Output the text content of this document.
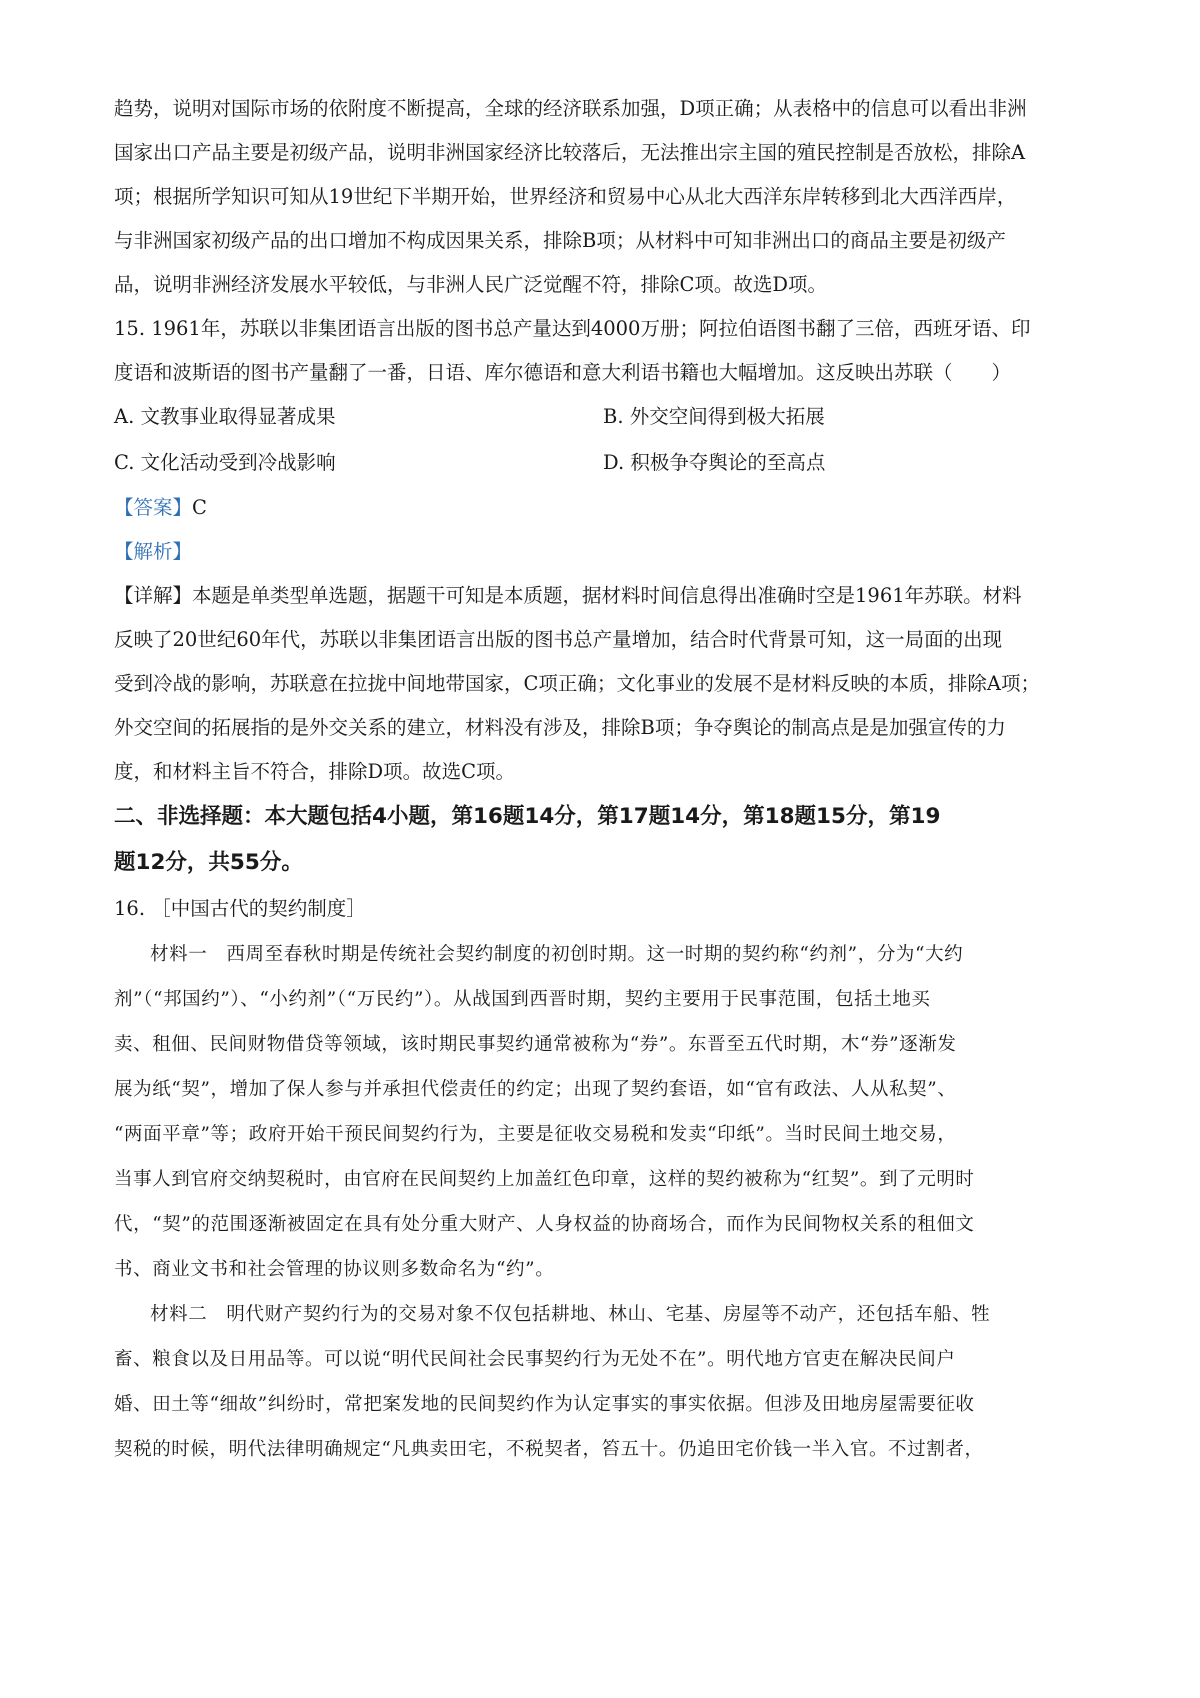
趋势，说明对国际市场的依附度不断提高，全球的经济联系加强，D项正确；从表格中的信息可以看出非洲
国家出口产品主要是初级产品，说明非洲国家经济比较落后，无法推出宗主国的殖民控制是否放松，排除A
项；根据所学知识可知从19世纪下半期开始，世界经济和贸易中心从北大西洋东岸转移到北大西洋西岸，
与非洲国家初级产品的出口增加不构成因果关系，排除B项；从材料中可知非洲出口的商品主要是初级产
品，说明非洲经济发展水平较低，与非洲人民广泛觉醒不符，排除C项。故选D项。
15. 1961年，苏联以非集团语言出版的图书总产量达到4000万册；阿拉伯语图书翻了三倍，西班牙语、印
度语和波斯语的图书产量翻了一番，日语、库尔德语和意大利语书籍也大幅增加。这反映出苏联（　　）
A. 文教事业取得显著成果	B. 外交空间得到极大拓展
C. 文化活动受到冷战影响	D. 积极争夺舆论的至高点
【答案】C
【解析】
【详解】本题是单类型单选题，据题干可知是本质题，据材料时间信息得出准确时空是1961年苏联。材料
反映了20世纪60年代，苏联以非集团语言出版的图书总产量增加，结合时代背景可知，这一局面的出现
受到冷战的影响，苏联意在拉拢中间地带国家，C项正确；文化事业的发展不是材料反映的本质，排除A项；
外交空间的拓展指的是外交关系的建立，材料没有涉及，排除B项；争夺舆论的制高点是是加强宣传的力
度，和材料主旨不符合，排除D项。故选C项。
二、非选择题：本大题包括4小题，第16题14分，第17题14分，第18题15分，第19
题12分，共55分。
16. ［中国古代的契约制度］
材料一　西周至春秋时期是传统社会契约制度的初创时期。这一时期的契约称“约剂”，分为“大约
剂”（“邦国约”）、“小约剂”（“万民约”）。从战国到西晋时期，契约主要用于民事范围，包括土地买
卖、租佃、民间财物借贷等领域，该时期民事契约通常被称为“券”。东晋至五代时期，木“券”逐渐发
展为纸“契”，增加了保人参与并承担代偿责任的约定；出现了契约套语，如“官有政法、人从私契”、
“两面平章”等；政府开始干预民间契约行为，主要是征收交易税和发卖“印纸”。当时民间土地交易，
当事人到官府交纳契税时，由官府在民间契约上加盖红色印章，这样的契约被称为“红契”。到了元明时
代，“契”的范围逐渐被固定在具有处分重大财产、人身权益的协商场合，而作为民间物权关系的租佃文
书、商业文书和社会管理的协议则多数命名为“约”。
材料二　明代财产契约行为的交易对象不仅包括耕地、林山、宅基、房屋等不动产，还包括车船、牲
畜、粮食以及日用品等。可以说“明代民间社会民事契约行为无处不在”。明代地方官吏在解决民间户
婚、田土等“细故”纠纷时，常把案发地的民间契约作为认定事实的事实依据。但涉及田地房屋需要征收
契税的时候，明代法律明确规定“凡典卖田宅，不税契者，笞五十。仍追田宅价钱一半入官。不过割者，
